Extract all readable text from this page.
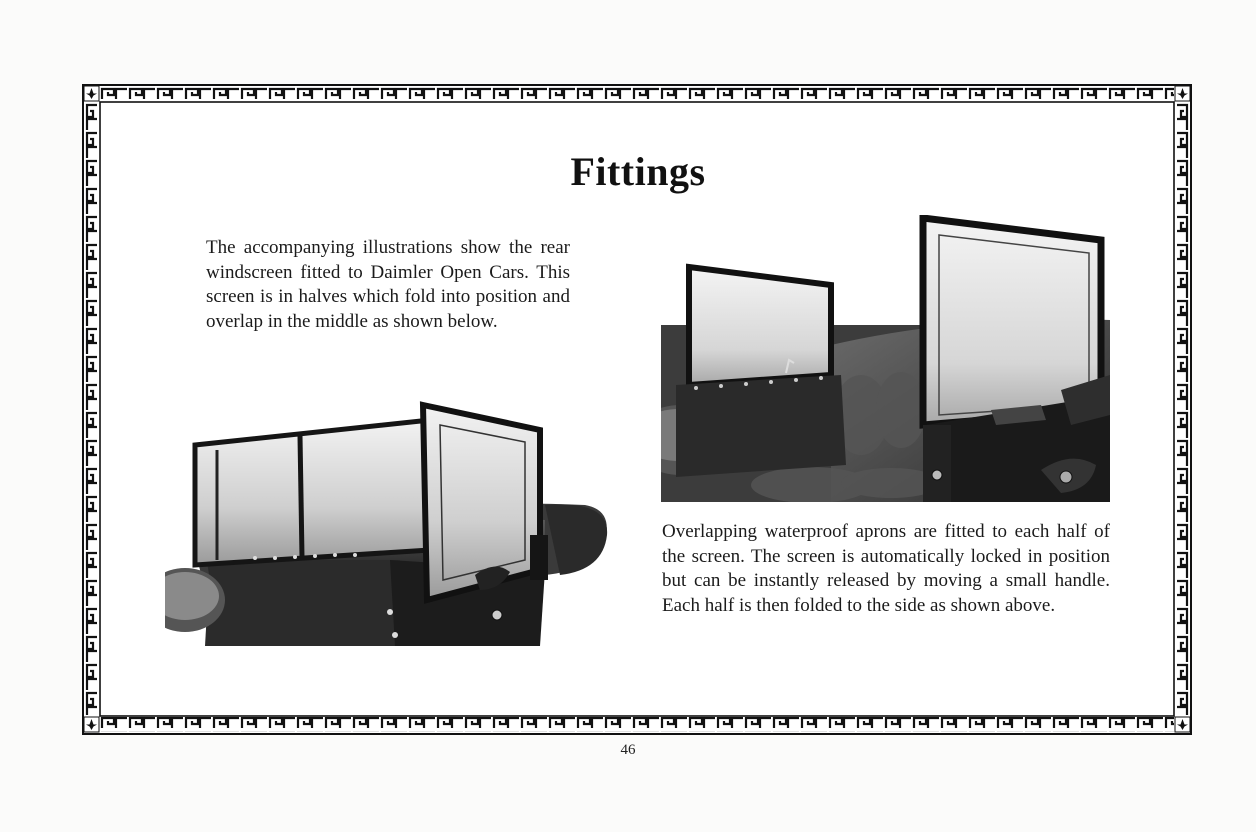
Fittings
The accompanying illustrations show the rear windscreen fitted to Daimler Open Cars. This screen is in halves which fold into position and overlap in the middle as shown below.
Overlapping waterproof aprons are fitted to each half of the screen. The screen is automatically locked in position but can be instantly released by moving a small handle. Each half is then folded to the side as shown above.
46
